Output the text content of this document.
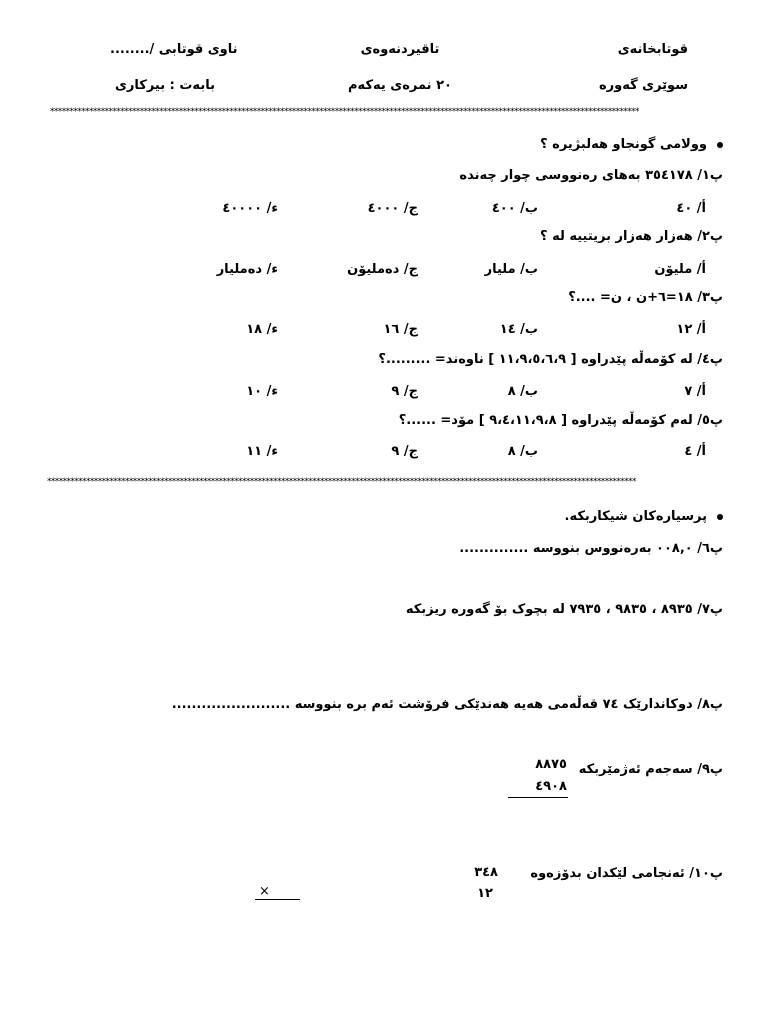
قوتابخانەی
تاقیردنەوەی
ناوی قوتابی /........
سوێری گەورە
٢٠ نمرەی یەکەم
بابەت : بیرکاری
*******************************************************************************************************************************************************
وولامی گونجاو هەلبژیرە ؟
پ١/ ٣٥٤١٧٨ بەهای رەنووسی چوار چەندە
أ/ ٤٠
ب/ ٤٠٠
ج/ ٤٠٠٠
ء/ ٤٠٠٠٠
پ٢/ هەزار هەزار بریتییە لە ؟
أ/ ملیۆن
ب/ ملیار
ج/ دەملیۆن
ء/ دەملیار
پ٣/ ١٨=٦+ن ، ن= ....؟
أ/ ١٢
ب/ ١٤
ج/ ١٦
ء/ ١٨
پ٤/ لە کۆمەڵە پێدراوە [ ١١،٩،٥،٦،٩ ] ناوەند= .........؟
أ/ ٧
ب/ ٨
ج/ ٩
ء/ ١٠
پ٥/ لەم کۆمەڵە پێدراوە [ ٩،٤،١١،٩،٨ ] مۆد= ......؟
أ/ ٤
ب/ ٨
ج/ ٩
ء/ ١١
*******************************************************************************************************************************************************
پرسیارەکان شیکاربکە.
پ٦/ ٠٠٨,٠ بەرەنووس بنووسە ..............
پ٧/ ٨٩٣٥ ، ٩٨٣٥ ، ٧٩٣٥ لە بچوک بۆ گەورە ریزبکە
پ٨/ دوکاندارێک ٧٤ قەڵەمی هەیە هەندێکی فرۆشت ئەم برە بنووسە ........................
پ٩/ سەجەم ئەژمێربکە
٨٨٧٥
٤٩٠٨
پ١٠/ ئەنجامی لێکدان بدۆزەوە
٣٤٨
١٢
×
